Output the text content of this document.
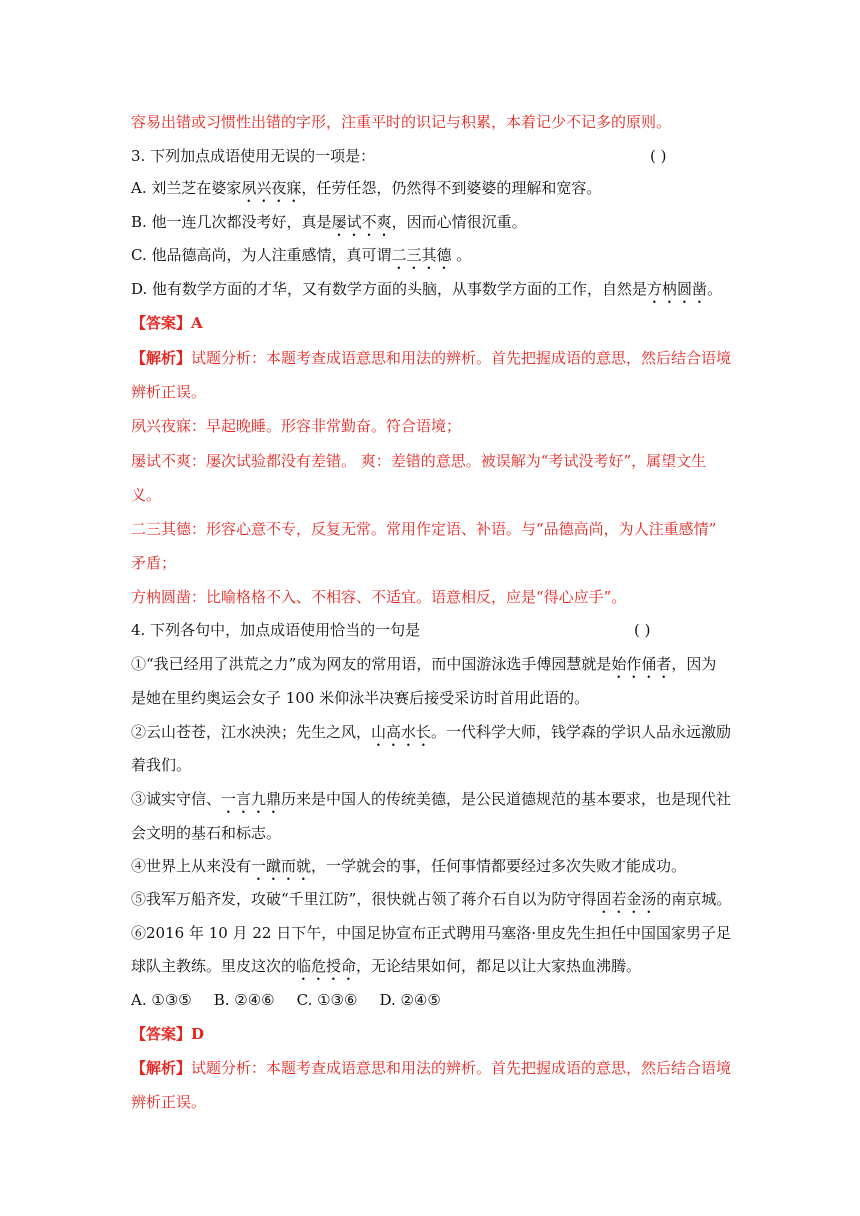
容易出错或习惯性出错的字形，注重平时的识记与积累，本着记少不记多的原则。
3. 下列加点成语使用无误的一项是：	( )
A. 刘兰芝在婆家夙兴夜寐，任劳任怨，仍然得不到婆婆的理解和宽容。
B. 他一连几次都没考好，真是屡试不爽，因而心情很沉重。
C. 他品德高尚，为人注重感情，真可谓二三其德 。
D. 他有数学方面的才华，又有数学方面的头脑，从事数学方面的工作，自然是方枘圆凿。
【答案】A
【解析】试题分析：本题考查成语意思和用法的辨析。首先把握成语的意思，然后结合语境
辨析正误。
夙兴夜寐：早起晚睡。形容非常勤奋。符合语境；
屡试不爽：屡次试验都没有差错。 爽：差错的意思。被误解为“考试没考好”，属望文生
义。
二三其德：形容心意不专，反复无常。常用作定语、补语。与“品德高尚，为人注重感情”
矛盾；
方枘圆凿：比喻格格不入、不相容、不适宜。语意相反，应是“得心应手”。
4. 下列各句中，加点成语使用恰当的一句是	( )
①“我已经用了洪荒之力”成为网友的常用语，而中国游泳选手傅园慧就是始作俑者，因为
是她在里约奥运会女子 100 米仰泳半决赛后接受采访时首用此语的。
②云山苍苍，江水泱泱；先生之风，山高水长。一代科学大师，钱学森的学识人品永远激励
着我们。
③诚实守信、一言九鼎历来是中国人的传统美德，是公民道德规范的基本要求，也是现代社
会文明的基石和标志。
④世界上从来没有一蹴而就，一学就会的事，任何事情都要经过多次失败才能成功。
⑤我军万船齐发，攻破“千里江防”，很快就占领了蒋介石自以为防守得固若金汤的南京城。
⑥2016 年 10 月 22 日下午，中国足协宣布正式聘用马塞洛·里皮先生担任中国国家男子足
球队主教练。里皮这次的临危授命，无论结果如何，都足以让大家热血沸腾。
A. ①③⑤ B. ②④⑥ C. ①③⑥ D. ②④⑤
【答案】D
【解析】试题分析：本题考查成语意思和用法的辨析。首先把握成语的意思，然后结合语境
辨析正误。
